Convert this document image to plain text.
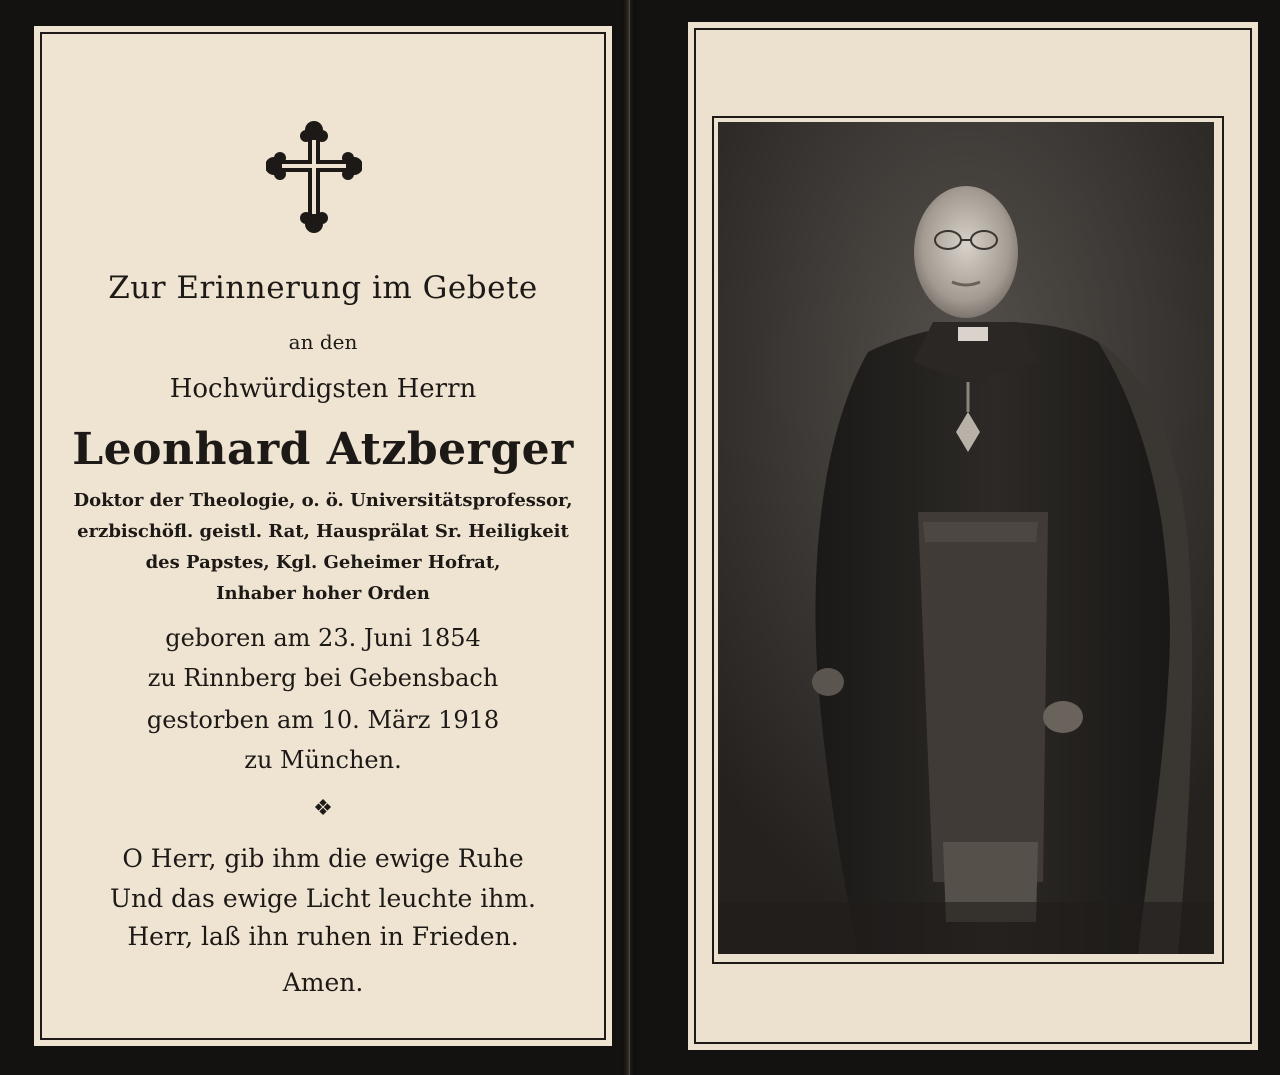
Zur Erinnerung im Gebete
an den
Hochwürdigsten Herrn
Leonhard Atzberger
Doktor der Theologie, o. ö. Universitätsprofessor,
erzbischöfl. geistl. Rat, Hausprälat Sr. Heiligkeit
des Papstes, Kgl. Geheimer Hofrat,
Inhaber hoher Orden
geboren am 23. Juni 1854
zu Rinnberg bei Gebensbach
gestorben am 10. März 1918
zu München.
❖
O Herr, gib ihm die ewige Ruhe
Und das ewige Licht leuchte ihm.
Herr, laß ihn ruhen in Frieden.
Amen.
